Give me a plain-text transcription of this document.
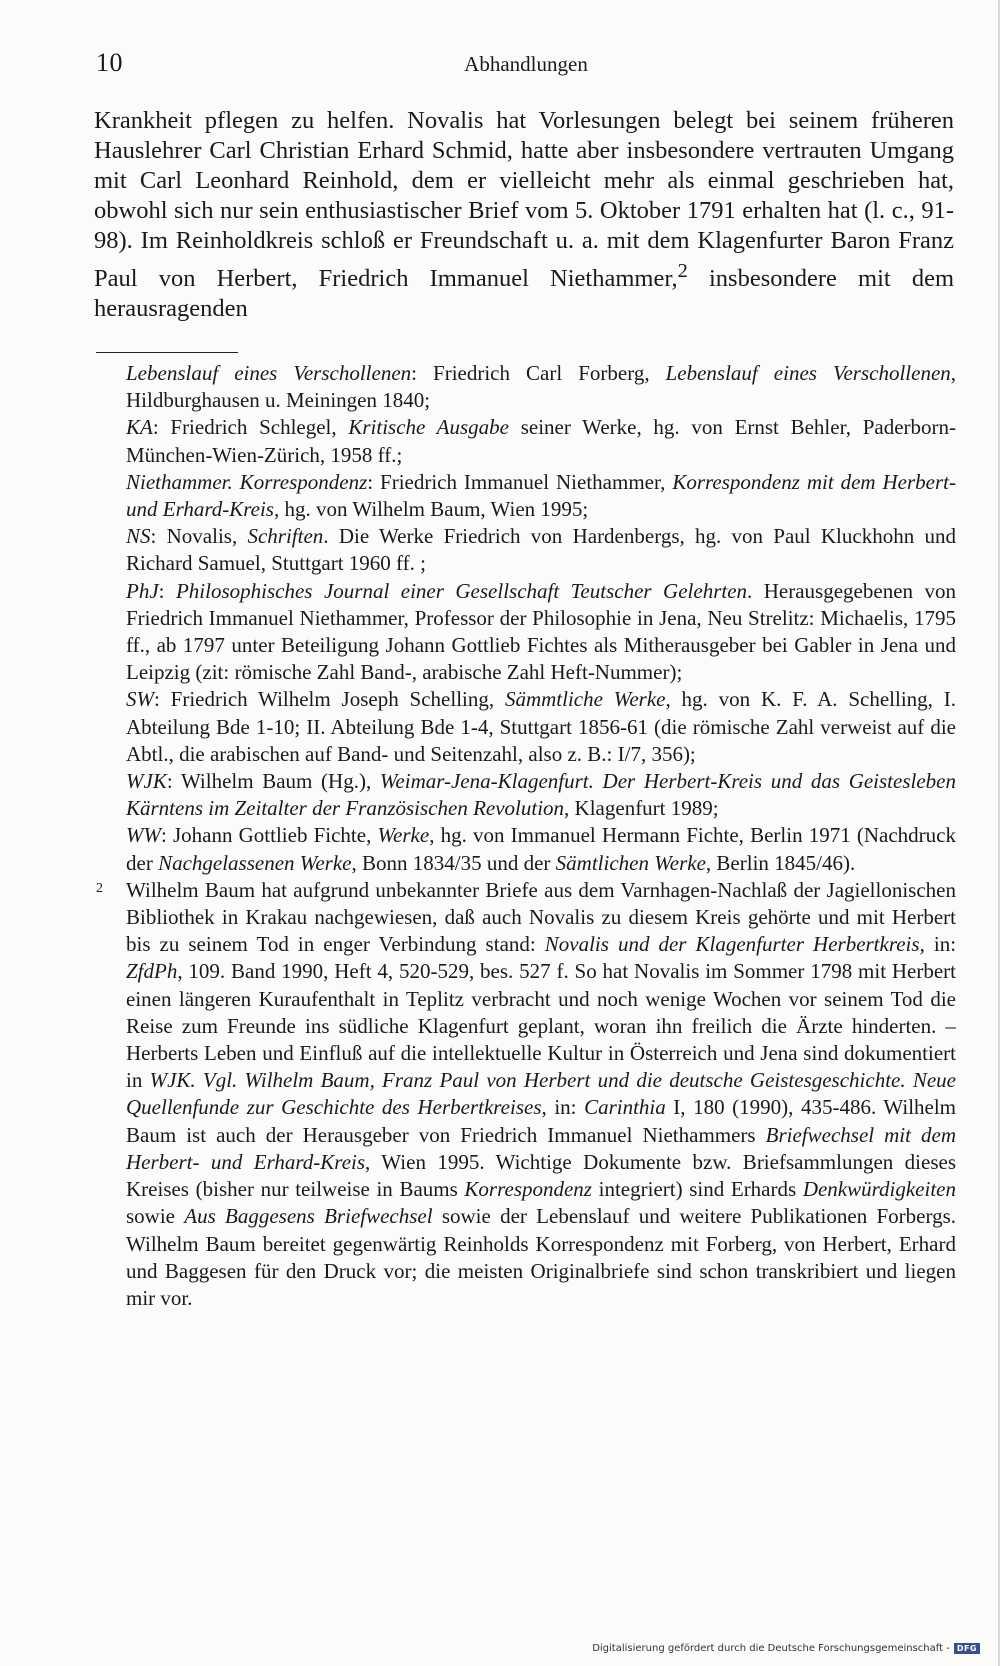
10	Abhandlungen

Krankheit pflegen zu helfen. Novalis hat Vorlesungen belegt bei seinem früheren Hauslehrer Carl Christian Erhard Schmid, hatte aber insbesondere vertrauten Umgang mit Carl Leonhard Reinhold, dem er vielleicht mehr als einmal geschrieben hat, obwohl sich nur sein enthusiastischer Brief vom 5. Oktober 1791 erhalten hat (l. c., 91-98). Im Reinholdkreis schloß er Freundschaft u. a. mit dem Klagenfurter Baron Franz Paul von Herbert, Friedrich Immanuel Niethammer,$^2$ insbesondere mit dem herausragenden

Lebenslauf eines Verschollenen: Friedrich Carl Forberg, Lebenslauf eines Verschollenen, Hildburghausen u. Meiningen 1840;

KA: Friedrich Schlegel, Kritische Ausgabe seiner Werke, hg. von Ernst Behler, Paderborn-München-Wien-Zürich, 1958 ff.;

Niethammer. Korrespondenz: Friedrich Immanuel Niethammer, Korrespondenz mit dem Herbert- und Erhard-Kreis, hg. von Wilhelm Baum, Wien 1995;

NS: Novalis, Schriften. Die Werke Friedrich von Hardenbergs, hg. von Paul Kluckhohn und Richard Samuel, Stuttgart 1960 ff. ;

PhJ: Philosophisches Journal einer Gesellschaft Teutscher Gelehrten. Herausgegebenen von Friedrich Immanuel Niethammer, Professor der Philosophie in Jena, Neu Strelitz: Michaelis, 1795 ff., ab 1797 unter Beteiligung Johann Gottlieb Fichtes als Mitherausgeber bei Gabler in Jena und Leipzig (zit: römische Zahl Band-, arabische Zahl Heft-Nummer);

SW: Friedrich Wilhelm Joseph Schelling, Sämmtliche Werke, hg. von K. F. A. Schelling, I. Abteilung Bde 1-10; II. Abteilung Bde 1-4, Stuttgart 1856-61 (die römische Zahl verweist auf die Abtl., die arabischen auf Band- und Seitenzahl, also z. B.: I/7, 356);

WJK: Wilhelm Baum (Hg.), Weimar-Jena-Klagenfurt. Der Herbert-Kreis und das Geistesleben Kärntens im Zeitalter der Französischen Revolution, Klagenfurt 1989;

WW: Johann Gottlieb Fichte, Werke, hg. von Immanuel Hermann Fichte, Berlin 1971 (Nachdruck der Nachgelassenen Werke, Bonn 1834/35 und der Sämtlichen Werke, Berlin 1845/46).

2 Wilhelm Baum hat aufgrund unbekannter Briefe aus dem Varnhagen-Nachlaß der Jagiellonischen Bibliothek in Krakau nachgewiesen, daß auch Novalis zu diesem Kreis gehörte und mit Herbert bis zu seinem Tod in enger Verbindung stand: Novalis und der Klagenfurter Herbertkreis, in: ZfdPh, 109. Band 1990, Heft 4, 520-529, bes. 527 f. So hat Novalis im Sommer 1798 mit Herbert einen längeren Kuraufenthalt in Teplitz verbracht und noch wenige Wochen vor seinem Tod die Reise zum Freunde ins südliche Klagenfurt geplant, woran ihn freilich die Ärzte hinderten. – Herberts Leben und Einfluß auf die intellektuelle Kultur in Österreich und Jena sind dokumentiert in WJK. Vgl. Wilhelm Baum, Franz Paul von Herbert und die deutsche Geistesgeschichte. Neue Quellenfunde zur Geschichte des Herbertkreises, in: Carinthia I, 180 (1990), 435-486. Wilhelm Baum ist auch der Herausgeber von Friedrich Immanuel Niethammers Briefwechsel mit dem Herbert- und Erhard-Kreis, Wien 1995. Wichtige Dokumente bzw. Briefsammlungen dieses Kreises (bisher nur teilweise in Baums Korrespondenz integriert) sind Erhards Denkwürdigkeiten sowie Aus Baggesens Briefwechsel sowie der Lebenslauf und weitere Publikationen Forbergs. Wilhelm Baum bereitet gegenwärtig Reinholds Korrespondenz mit Forberg, von Herbert, Erhard und Baggesen für den Druck vor; die meisten Originalbriefe sind schon transkribiert und liegen mir vor.
Digitalisierung gefördert durch die Deutsche Forschungsgemeinschaft - DFG
